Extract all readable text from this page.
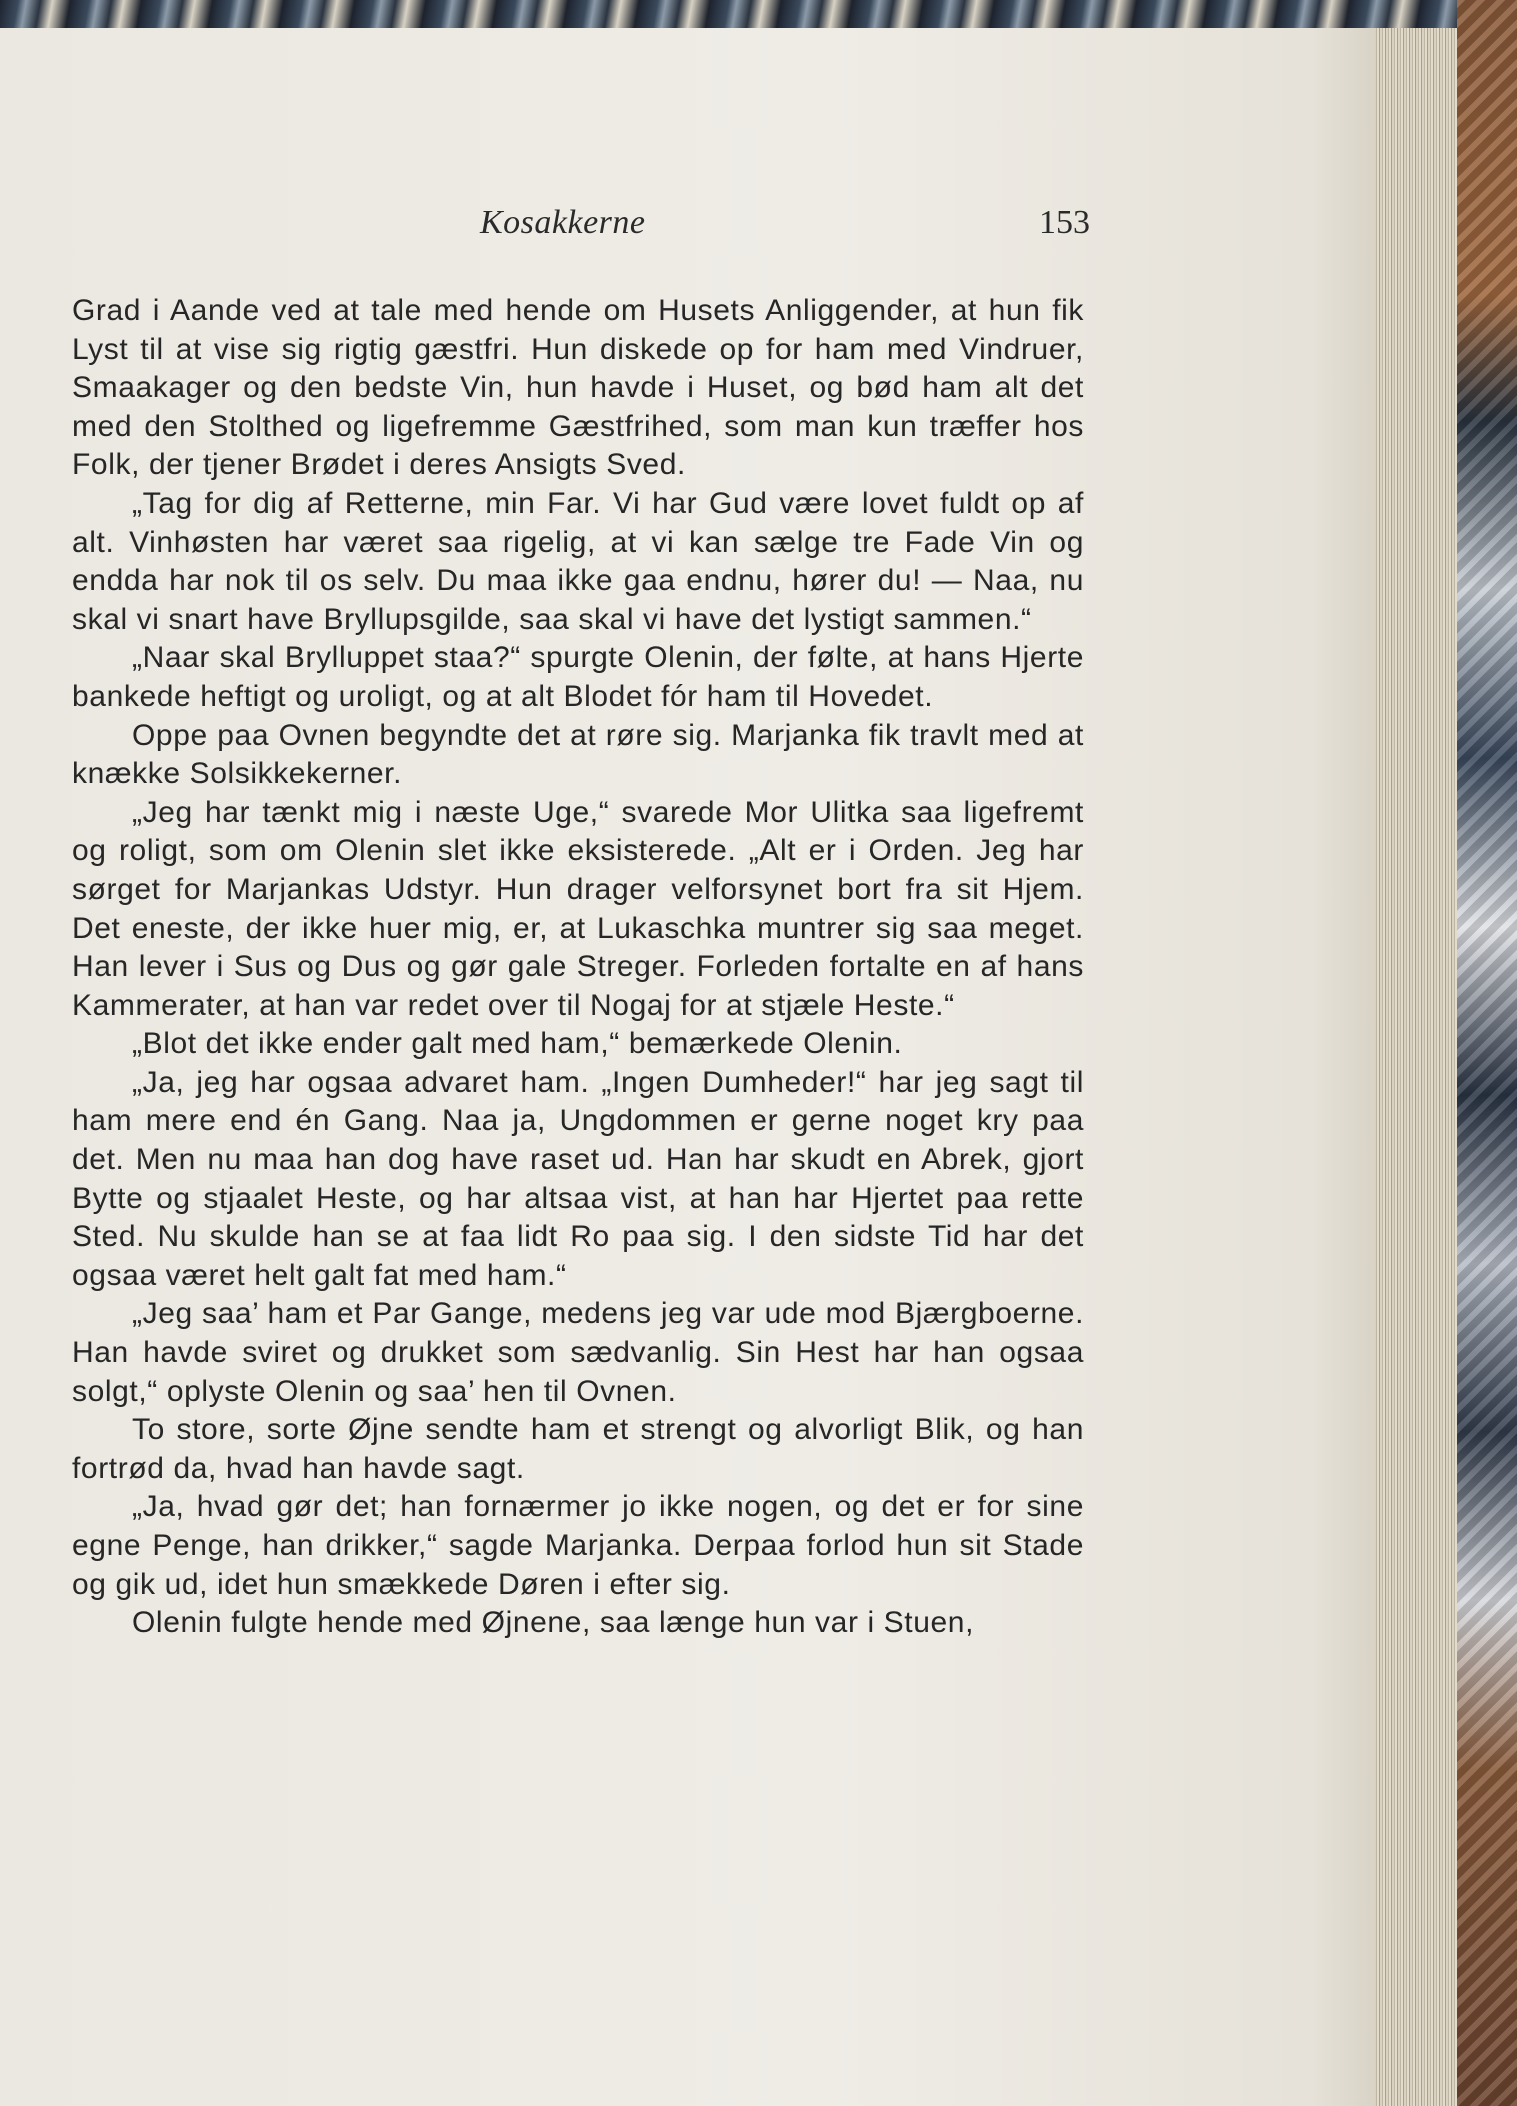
Kosakkerne	153

Grad i Aande ved at tale med hende om Husets Anliggender, at hun fik Lyst til at vise sig rigtig gæstfri. Hun diskede op for ham med Vindruer, Smaakager og den bedste Vin, hun havde i Huset, og bød ham alt det med den Stolthed og ligefremme Gæstfrihed, som man kun træffer hos Folk, der tjener Brødet i deres Ansigts Sved.

„Tag for dig af Retterne, min Far. Vi har Gud være lovet fuldt op af alt. Vinhøsten har været saa rigelig, at vi kan sælge tre Fade Vin og endda har nok til os selv. Du maa ikke gaa endnu, hører du! — Naa, nu skal vi snart have Bryllupsgilde, saa skal vi have det lystigt sammen.“

„Naar skal Brylluppet staa?“ spurgte Olenin, der følte, at hans Hjerte bankede heftigt og uroligt, og at alt Blodet fór ham til Hovedet.

Oppe paa Ovnen begyndte det at røre sig. Marjanka fik travlt med at knække Solsikkekerner.

„Jeg har tænkt mig i næste Uge,“ svarede Mor Ulitka saa ligefremt og roligt, som om Olenin slet ikke eksisterede. „Alt er i Orden. Jeg har sørget for Marjankas Udstyr. Hun drager velforsynet bort fra sit Hjem. Det eneste, der ikke huer mig, er, at Lukaschka muntrer sig saa meget. Han lever i Sus og Dus og gør gale Streger. Forleden fortalte en af hans Kammerater, at han var redet over til Nogaj for at stjæle Heste.“

„Blot det ikke ender galt med ham,“ bemærkede Olenin.

„Ja, jeg har ogsaa advaret ham. „Ingen Dumheder!“ har jeg sagt til ham mere end én Gang. Naa ja, Ungdommen er gerne noget kry paa det. Men nu maa han dog have raset ud. Han har skudt en Abrek, gjort Bytte og stjaalet Heste, og har altsaa vist, at han har Hjertet paa rette Sted. Nu skulde han se at faa lidt Ro paa sig. I den sidste Tid har det ogsaa været helt galt fat med ham.“

„Jeg saa’ ham et Par Gange, medens jeg var ude mod Bjærgboerne. Han havde sviret og drukket som sædvanlig. Sin Hest har han ogsaa solgt,“ oplyste Olenin og saa’ hen til Ovnen.

To store, sorte Øjne sendte ham et strengt og alvorligt Blik, og han fortrød da, hvad han havde sagt.

„Ja, hvad gør det; han fornærmer jo ikke nogen, og det er for sine egne Penge, han drikker,“ sagde Marjanka. Derpaa forlod hun sit Stade og gik ud, idet hun smækkede Døren i efter sig.

Olenin fulgte hende med Øjnene, saa længe hun var i Stuen,
